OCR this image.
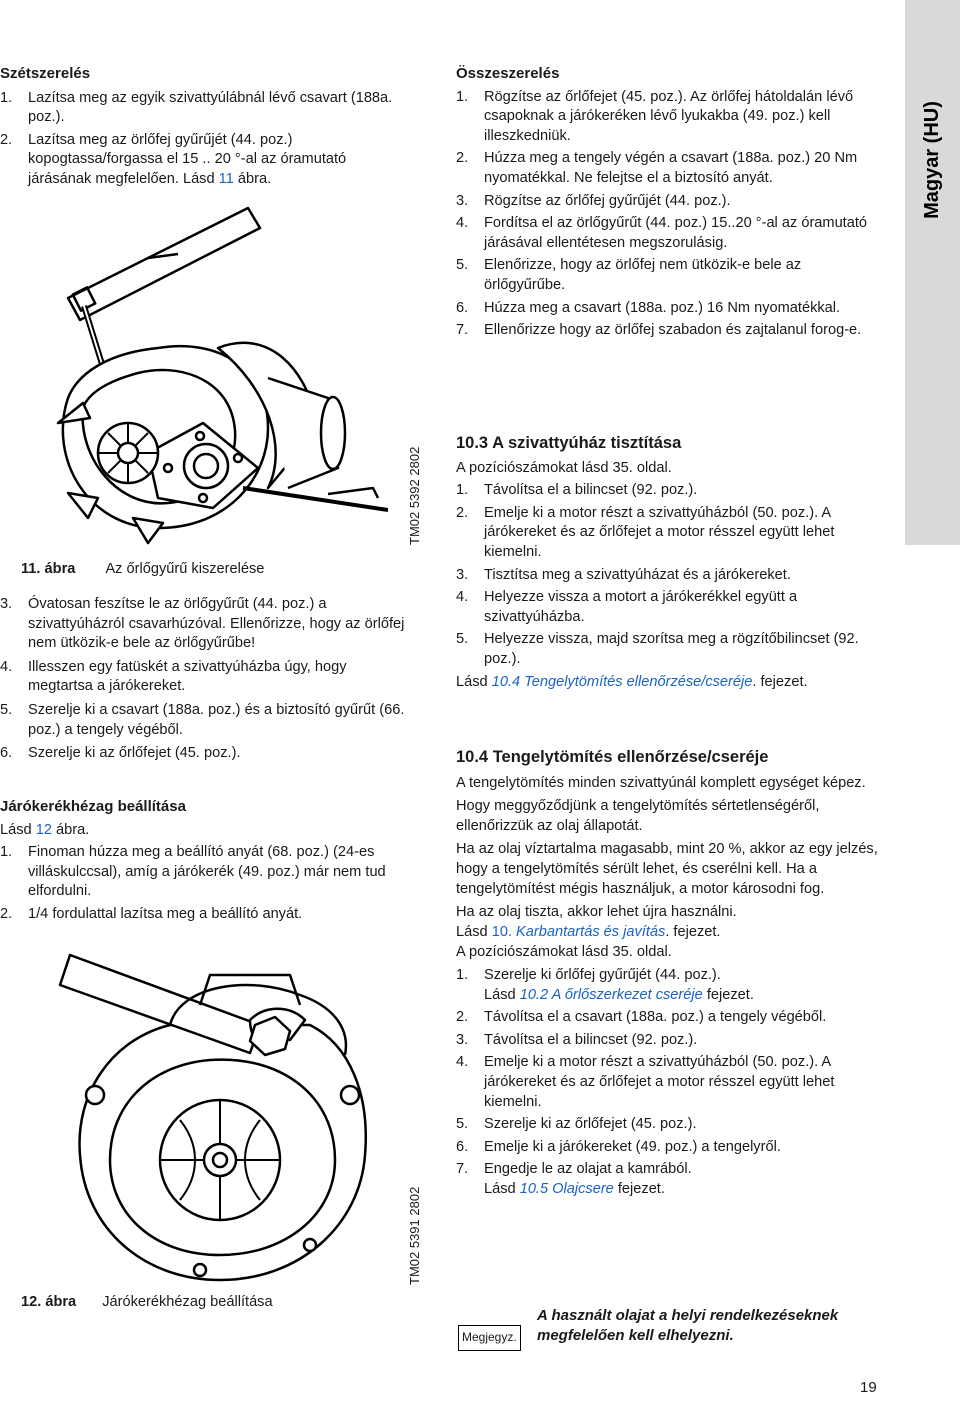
Magyar (HU)
Szétszerelés
1. Lazítsa meg az egyik szivattyúlábnál lévő csavart (188a. poz.).
2. Lazítsa meg az örlőfej gyűrűjét (44. poz.) kopogtassa/forgassa el 15 .. 20 °-al az óramutató járásának megfelelően. Lásd 11 ábra.
TM02 5392 2802
11. ábra Az őrlőgyűrű kiszerelése
3. Óvatosan feszítse le az örlőgyűrűt (44. poz.) a szivattyúházról csavarhúzóval. Ellenőrizze, hogy az örlőfej nem ütközik-e bele az örlőgyűrűbe!
4. Illesszen egy fatüskét a szivattyúházba úgy, hogy megtartsa a járókereket.
5. Szerelje ki a csavart (188a. poz.) és a biztosító gyűrűt (66. poz.) a tengely végéből.
6. Szerelje ki az őrlőfejet (45. poz.).
Járókerékhézag beállítása
Lásd 12 ábra.
1. Finoman húzza meg a beállító anyát (68. poz.) (24-es villáskulccsal), amíg a járókerék (49. poz.) már nem tud elfordulni.
2. 1/4 fordulattal lazítsa meg a beállító anyát.
TM02 5391 2802
12. ábra Járókerékhézag beállítása
Összeszerelés
1. Rögzítse az őrlőfejet (45. poz.). Az örlőfej hátoldalán lévő csapoknak a járókeréken lévő lyukakba (49. poz.) kell illeszkedniük.
2. Húzza meg a tengely végén a csavart (188a. poz.) 20 Nm nyomatékkal. Ne felejtse el a biztosító anyát.
3. Rögzítse az őrlőfej gyűrűjét (44. poz.).
4. Fordítsa el az örlőgyűrűt (44. poz.) 15..20 °-al az óramutató járásával ellentétesen megszorulásig.
5. Elenőrizze, hogy az örlőfej nem ütközik-e bele az örlőgyűrűbe.
6. Húzza meg a csavart (188a. poz.) 16 Nm nyomatékkal.
7. Ellenőrizze hogy az örlőfej szabadon és zajtalanul forog-e.
10.3 A szivattyúház tisztítása
A pozíciószámokat lásd 35. oldal.
1. Távolítsa el a bilincset (92. poz.).
2. Emelje ki a motor részt a szivattyúházból (50. poz.). A járókereket és az őrlőfejet a motor résszel együtt lehet kiemelni.
3. Tisztítsa meg a szivattyúházat és a járókereket.
4. Helyezze vissza a motort a járókerékkel együtt a szivattyúházba.
5. Helyezze vissza, majd szorítsa meg a rögzítőbilincset (92. poz.).
Lásd 10.4 Tengelytömítés ellenőrzése/cseréje. fejezet.
10.4 Tengelytömítés ellenőrzése/cseréje
A tengelytömítés minden szivattyúnál komplett egységet képez.
Hogy meggyőződjünk a tengelytömítés sértetlenségéről, ellenőrizzük az olaj állapotát.
Ha az olaj víztartalma magasabb, mint 20 %, akkor az egy jelzés, hogy a tengelytömítés sérült lehet, és cserélni kell. Ha a tengelytömítést mégis használjuk, a motor károsodni fog.
Ha az olaj tiszta, akkor lehet újra használni.
Lásd 10. Karbantartás és javítás. fejezet.
A pozíciószámokat lásd 35. oldal.
1. Szerelje ki őrlőfej gyűrűjét (44. poz.).
Lásd 10.2 A őrlőszerkezet cseréje fejezet.
2. Távolítsa el a csavart (188a. poz.) a tengely végéből.
3. Távolítsa el a bilincset (92. poz.).
4. Emelje ki a motor részt a szivattyúházból (50. poz.). A járókereket és az őrlőfejet a motor résszel együtt lehet kiemelni.
5. Szerelje ki az őrlőfejet (45. poz.).
6. Emelje ki a járókereket (49. poz.) a tengelyről.
7. Engedje le az olajat a kamrából.
Lásd 10.5 Olajcsere fejezet.
Megjegyz.
A használt olajat a helyi rendelkezéseknek megfelelően kell elhelyezni.
19
